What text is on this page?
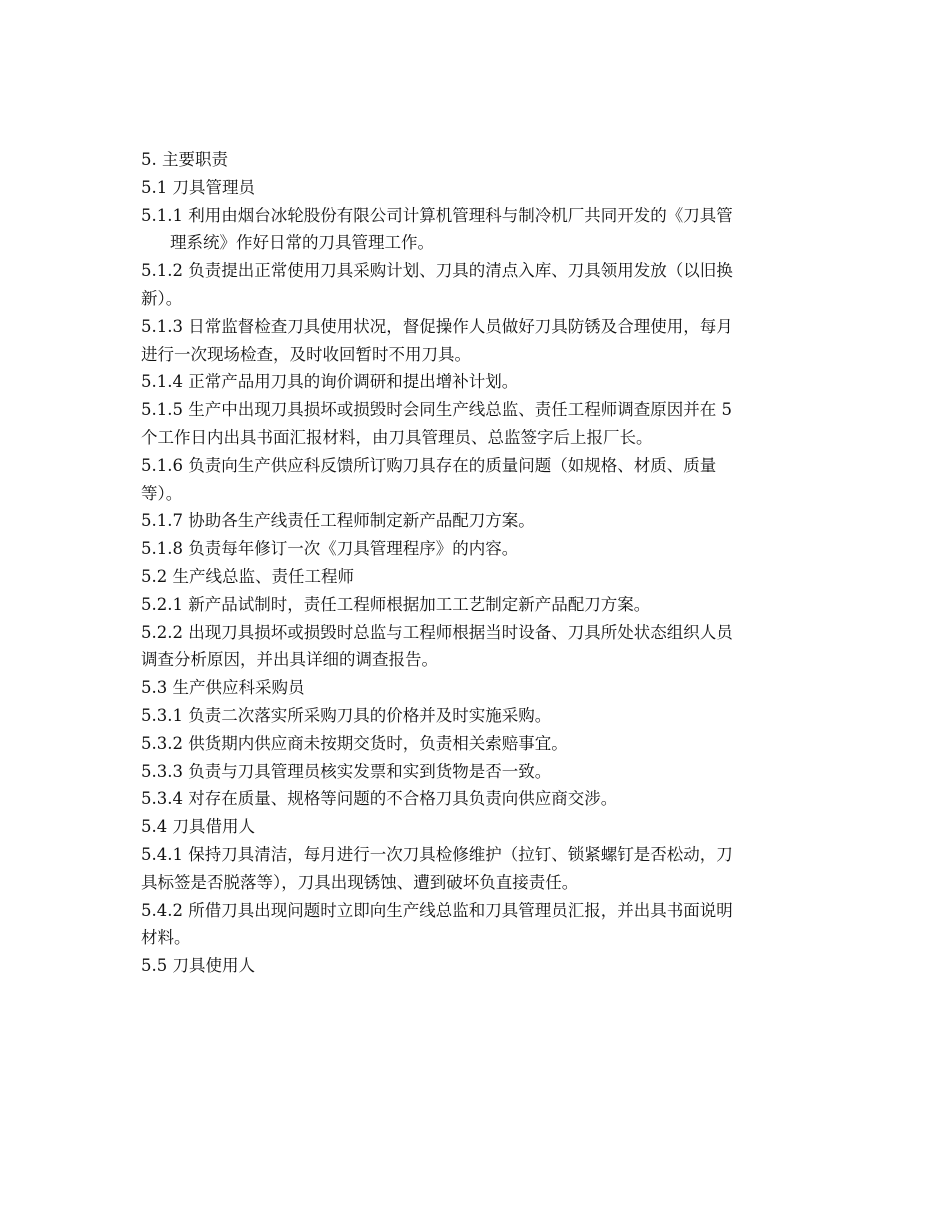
5. 主要职责
5.1 刀具管理员
5.1.1 利用由烟台冰轮股份有限公司计算机管理科与制冷机厂共同开发的《刀具管
理系统》作好日常的刀具管理工作。
5.1.2 负责提出正常使用刀具采购计划、刀具的清点入库、刀具领用发放（以旧换
新）。
5.1.3 日常监督检查刀具使用状况，督促操作人员做好刀具防锈及合理使用，每月
进行一次现场检查，及时收回暂时不用刀具。
5.1.4 正常产品用刀具的询价调研和提出增补计划。
5.1.5 生产中出现刀具损坏或损毁时会同生产线总监、责任工程师调查原因并在 5
个工作日内出具书面汇报材料，由刀具管理员、总监签字后上报厂长。
5.1.6 负责向生产供应科反馈所订购刀具存在的质量问题（如规格、材质、质量
等）。
5.1.7 协助各生产线责任工程师制定新产品配刀方案。
5.1.8 负责每年修订一次《刀具管理程序》的内容。
5.2 生产线总监、责任工程师
5.2.1 新产品试制时，责任工程师根据加工工艺制定新产品配刀方案。
5.2.2 出现刀具损坏或损毁时总监与工程师根据当时设备、刀具所处状态组织人员
调查分析原因，并出具详细的调查报告。
5.3 生产供应科采购员
5.3.1 负责二次落实所采购刀具的价格并及时实施采购。
5.3.2 供货期内供应商未按期交货时，负责相关索赔事宜。
5.3.3 负责与刀具管理员核实发票和实到货物是否一致。
5.3.4 对存在质量、规格等问题的不合格刀具负责向供应商交涉。
5.4 刀具借用人
5.4.1 保持刀具清洁，每月进行一次刀具检修维护（拉钉、锁紧螺钉是否松动，刀
具标签是否脱落等），刀具出现锈蚀、遭到破坏负直接责任。
5.4.2 所借刀具出现问题时立即向生产线总监和刀具管理员汇报，并出具书面说明
材料。
5.5 刀具使用人
